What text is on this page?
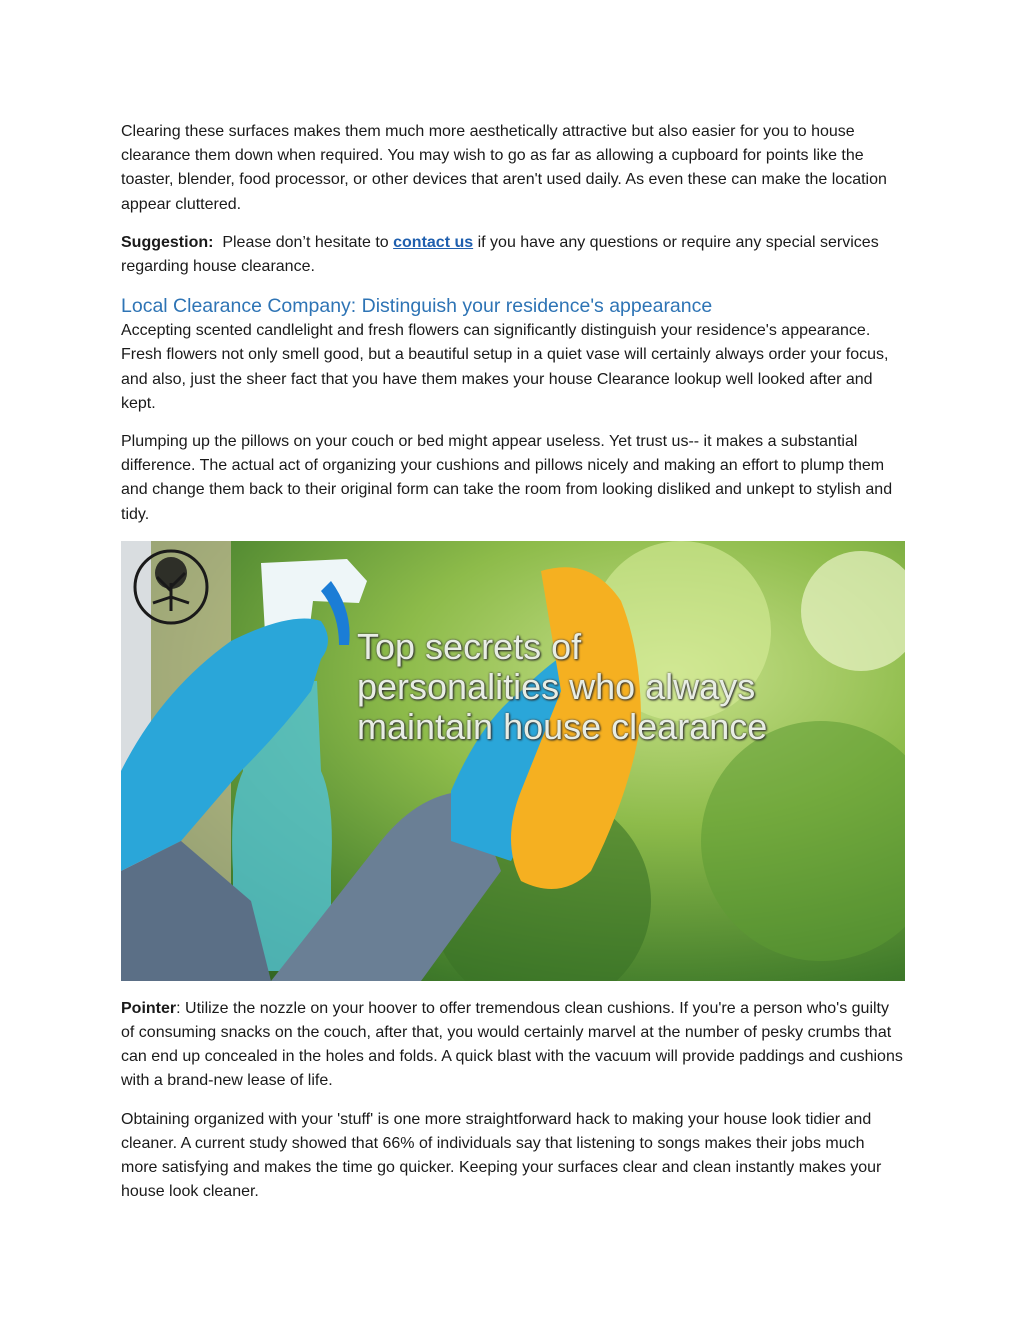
Clearing these surfaces makes them much more aesthetically attractive but also easier for you to house clearance them down when required. You may wish to go as far as allowing a cupboard for points like the toaster, blender, food processor, or other devices that aren't used daily. As even these can make the location appear cluttered.

Suggestion: Please don’t hesitate to contact us if you have any questions or require any special services regarding house clearance.

Local Clearance Company: Distinguish your residence's appearance

Accepting scented candlelight and fresh flowers can significantly distinguish your residence's appearance. Fresh flowers not only smell good, but a beautiful setup in a quiet vase will certainly always order your focus, and also, just the sheer fact that you have them makes your house Clearance lookup well looked after and kept.

Plumping up the pillows on your couch or bed might appear useless. Yet trust us-- it makes a substantial difference. The actual act of organizing your cushions and pillows nicely and making an effort to plump them and change them back to their original form can take the room from looking disliked and unkept to stylish and tidy.

Top secrets of
personalities who always
maintain house clearance

Pointer: Utilize the nozzle on your hoover to offer tremendous clean cushions. If you're a person who's guilty of consuming snacks on the couch, after that, you would certainly marvel at the number of pesky crumbs that can end up concealed in the holes and folds. A quick blast with the vacuum will provide paddings and cushions with a brand-new lease of life.

Obtaining organized with your 'stuff' is one more straightforward hack to making your house look tidier and cleaner. A current study showed that 66% of individuals say that listening to songs makes their jobs much more satisfying and makes the time go quicker. Keeping your surfaces clear and clean instantly makes your house look cleaner.
